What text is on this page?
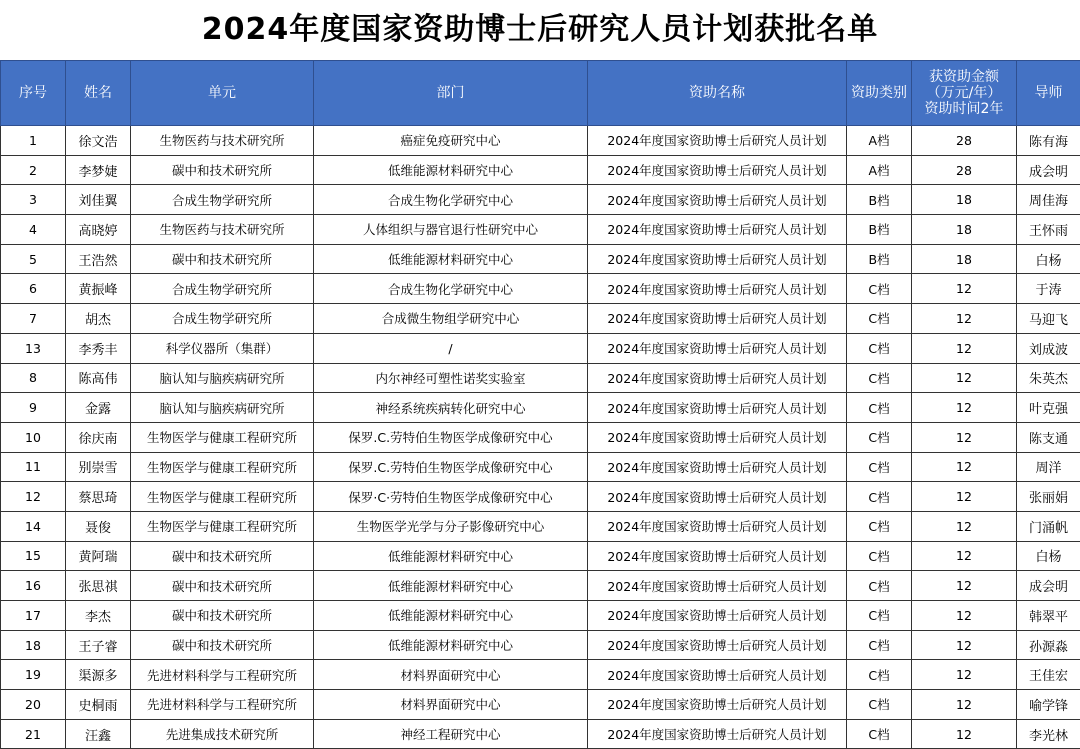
2024年度国家资助博士后研究人员计划获批名单
序号	姓名	单元	部门	资助名称	资助类别	获资助金额
（万元/年）
资助时间2年	导师
1	徐文浩	生物医药与技术研究所	癌症免疫研究中心	2024年度国家资助博士后研究人员计划	A档	28	陈有海
2	李梦婕	碳中和技术研究所	低维能源材料研究中心	2024年度国家资助博士后研究人员计划	A档	28	成会明
3	刘佳翼	合成生物学研究所	合成生物化学研究中心	2024年度国家资助博士后研究人员计划	B档	18	周佳海
4	高晓婷	生物医药与技术研究所	人体组织与器官退行性研究中心	2024年度国家资助博士后研究人员计划	B档	18	王怀雨
5	王浩然	碳中和技术研究所	低维能源材料研究中心	2024年度国家资助博士后研究人员计划	B档	18	白杨
6	黄振峰	合成生物学研究所	合成生物化学研究中心	2024年度国家资助博士后研究人员计划	C档	12	于涛
7	胡杰	合成生物学研究所	合成微生物组学研究中心	2024年度国家资助博士后研究人员计划	C档	12	马迎飞
13	李秀丰	科学仪器所（集群）	/	2024年度国家资助博士后研究人员计划	C档	12	刘成波
8	陈高伟	脑认知与脑疾病研究所	内尔神经可塑性诺奖实验室	2024年度国家资助博士后研究人员计划	C档	12	朱英杰
9	金露	脑认知与脑疾病研究所	神经系统疾病转化研究中心	2024年度国家资助博士后研究人员计划	C档	12	叶克强
10	徐庆南	生物医学与健康工程研究所	保罗.C.劳特伯生物医学成像研究中心	2024年度国家资助博士后研究人员计划	C档	12	陈支通
11	别崇雪	生物医学与健康工程研究所	保罗.C.劳特伯生物医学成像研究中心	2024年度国家资助博士后研究人员计划	C档	12	周洋
12	蔡思琦	生物医学与健康工程研究所	保罗·C·劳特伯生物医学成像研究中心	2024年度国家资助博士后研究人员计划	C档	12	张丽娟
14	聂俊	生物医学与健康工程研究所	生物医学光学与分子影像研究中心	2024年度国家资助博士后研究人员计划	C档	12	门涌帆
15	黄阿瑞	碳中和技术研究所	低维能源材料研究中心	2024年度国家资助博士后研究人员计划	C档	12	白杨
16	张思祺	碳中和技术研究所	低维能源材料研究中心	2024年度国家资助博士后研究人员计划	C档	12	成会明
17	李杰	碳中和技术研究所	低维能源材料研究中心	2024年度国家资助博士后研究人员计划	C档	12	韩翠平
18	王子睿	碳中和技术研究所	低维能源材料研究中心	2024年度国家资助博士后研究人员计划	C档	12	孙源淼
19	渠源多	先进材料科学与工程研究所	材料界面研究中心	2024年度国家资助博士后研究人员计划	C档	12	王佳宏
20	史桐雨	先进材料科学与工程研究所	材料界面研究中心	2024年度国家资助博士后研究人员计划	C档	12	喻学锋
21	汪鑫	先进集成技术研究所	神经工程研究中心	2024年度国家资助博士后研究人员计划	C档	12	李光林
